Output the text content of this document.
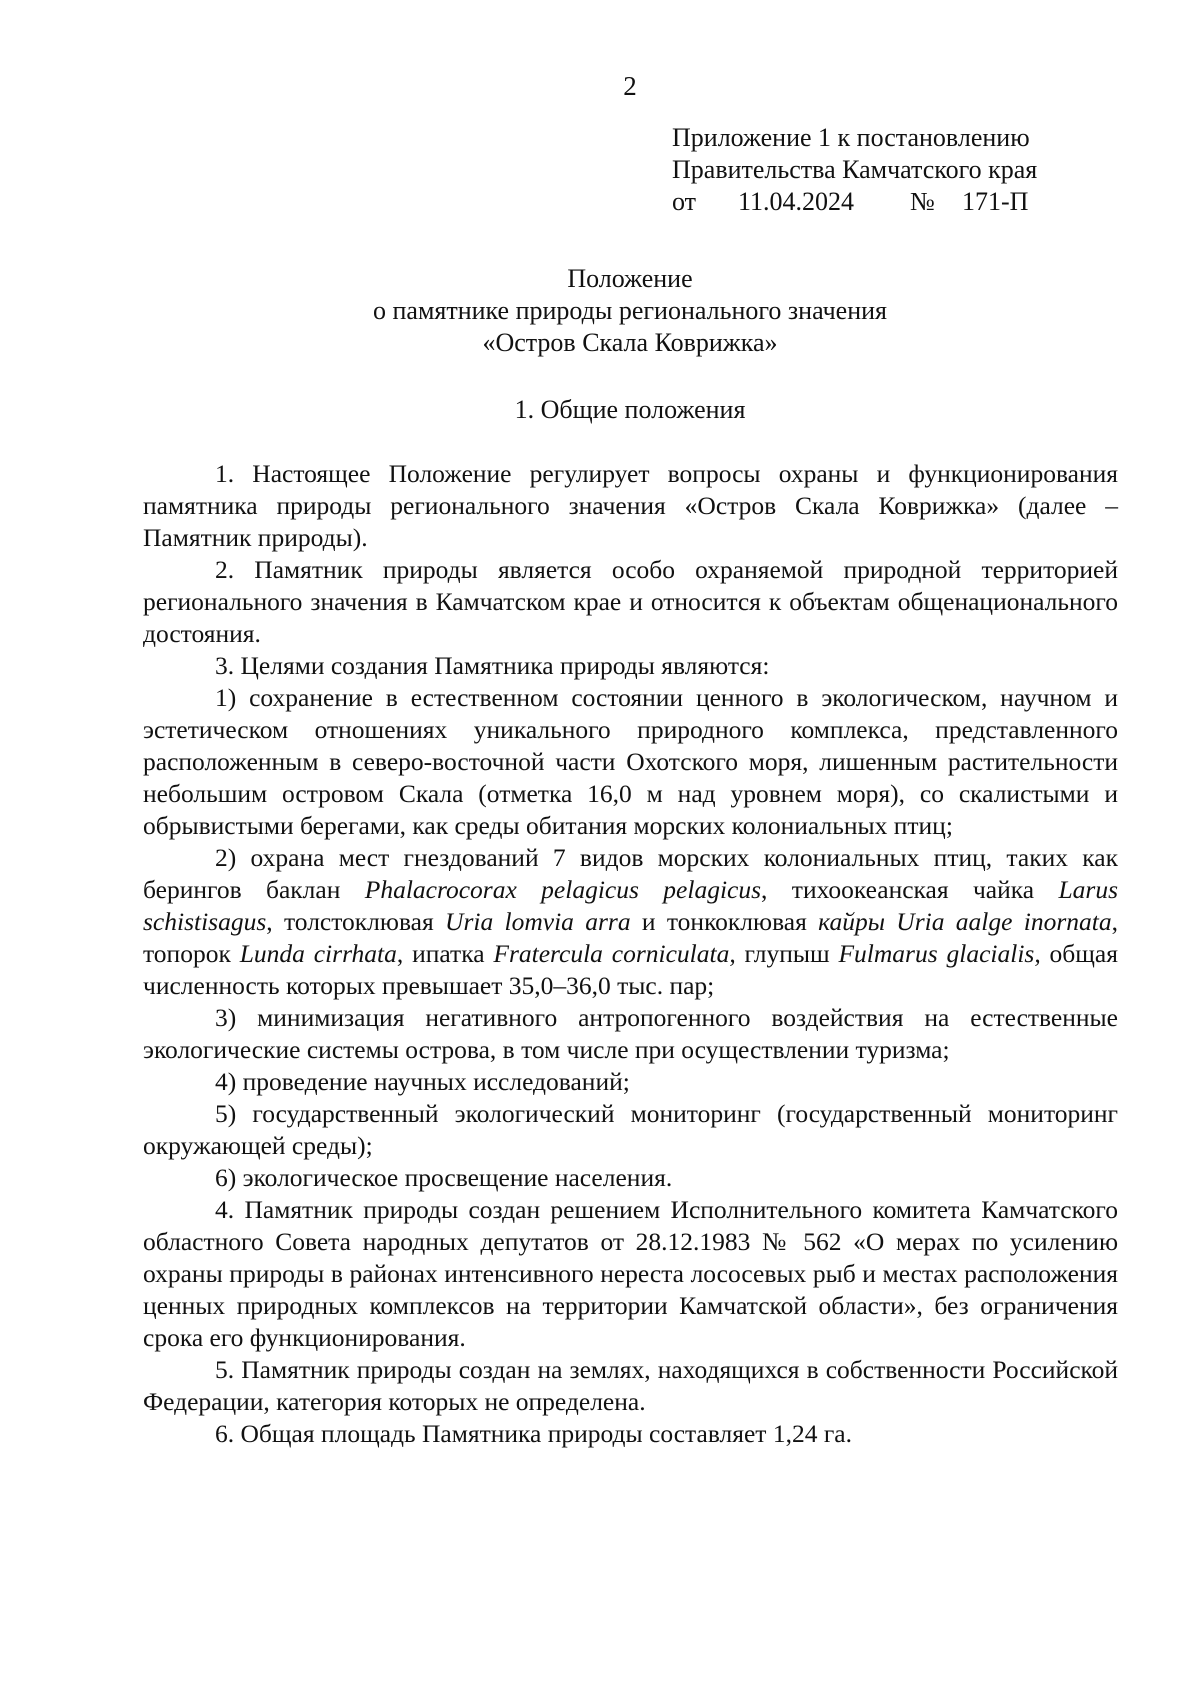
2
Приложение 1 к постановлению
Правительства Камчатского края
от 11.04.2024 № 171-П
Положение
о памятнике природы регионального значения
«Остров Скала Коврижка»
1. Общие положения

1. Настоящее Положение регулирует вопросы охраны и функционирования памятника природы регионального значения «Остров Скала Коврижка» (далее – Памятник природы).

2. Памятник природы является особо охраняемой природной территорией регионального значения в Камчатском крае и относится к объектам общенационального достояния.

3. Целями создания Памятника природы являются:

1) сохранение в естественном состоянии ценного в экологическом, научном и эстетическом отношениях уникального природного комплекса, представленного расположенным в северо-восточной части Охотского моря, лишенным растительности небольшим островом Скала (отметка 16,0 м над уровнем моря), со скалистыми и обрывистыми берегами, как среды обитания морских колониальных птиц;

2) охрана мест гнездований 7 видов морских колониальных птиц, таких как берингов баклан Phalacrocorax pelagicus pelagicus, тихоокеанская чайка Larus schistisagus, толстоклювая Uria lomvia arra и тонкоклювая кайры Uria aalge inornata, топорок Lunda cirrhata, ипатка Fratercula corniculata, глупыш Fulmarus glacialis, общая численность которых превышает 35,0–36,0 тыс. пар;

3) минимизация негативного антропогенного воздействия на естественные экологические системы острова, в том числе при осуществлении туризма;

4) проведение научных исследований;

5) государственный экологический мониторинг (государственный мониторинг окружающей среды);

6) экологическое просвещение населения.

4. Памятник природы создан решением Исполнительного комитета Камчатского областного Совета народных депутатов от 28.12.1983 № 562 «О мерах по усилению охраны природы в районах интенсивного нереста лососевых рыб и местах расположения ценных природных комплексов на территории Камчатской области», без ограничения срока его функционирования.

5. Памятник природы создан на землях, находящихся в собственности Российской Федерации, категория которых не определена.

6. Общая площадь Памятника природы составляет 1,24 га.
